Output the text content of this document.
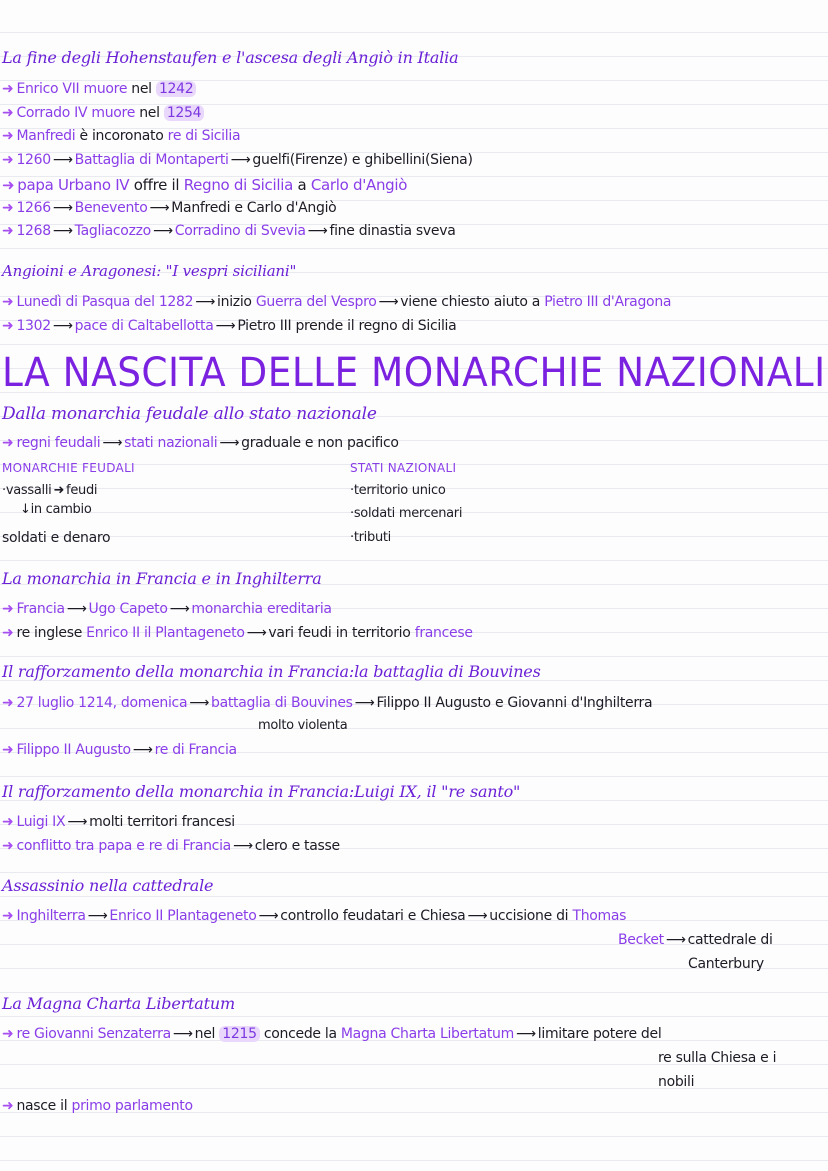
La fine degli Hohenstaufen e l'ascesa degli Angiò in Italia
➜ Enrico VII muore nel 1242
➜ Corrado IV muore nel 1254
➜ Manfredi è incoronato re di Sicilia
➜ 1260 ⟶ Battaglia di Montaperti ⟶ guelfi(Firenze) e ghibellini(Siena)
➜ papa Urbano IV offre il Regno di Sicilia a Carlo d'Angiò
➜ 1266 ⟶ Benevento ⟶ Manfredi e Carlo d'Angiò
➜ 1268 ⟶ Tagliacozzo ⟶ Corradino di Svevia ⟶ fine dinastia sveva
Angioini e Aragonesi: "I vespri siciliani"
➜ Lunedì di Pasqua del 1282 ⟶ inizio Guerra del Vespro ⟶ viene chiesto aiuto a Pietro III d'Aragona
➜ 1302 ⟶ pace di Caltabellotta ⟶ Pietro III prende il regno di Sicilia
LA NASCITA DELLE MONARCHIE NAZIONALI
Dalla monarchia feudale allo stato nazionale
➜ regni feudali ⟶ stati nazionali ⟶ graduale e non pacifico
MONARCHIE FEUDALI	STATI NAZIONALI
·vassalli ➜ feudi
↓in cambio
soldati e denaro
·territorio unico
·soldati mercenari
·tributi
La monarchia in Francia e in Inghilterra
➜ Francia ⟶ Ugo Capeto ⟶ monarchia ereditaria
➜ re inglese Enrico II il Plantageneto ⟶ vari feudi in territorio francese
Il rafforzamento della monarchia in Francia:la battaglia di Bouvines
➜ 27 luglio 1214, domenica ⟶ battaglia di Bouvines ⟶ Filippo II Augusto e Giovanni d'Inghilterra
molto violenta
➜ Filippo II Augusto ⟶ re di Francia
Il rafforzamento della monarchia in Francia:Luigi IX, il "re santo"
➜ Luigi IX ⟶ molti territori francesi
➜ conflitto tra papa e re di Francia ⟶ clero e tasse
Assassinio nella cattedrale
➜ Inghilterra ⟶ Enrico II Plantageneto ⟶ controllo feudatari e Chiesa ⟶ uccisione di Thomas
Becket ⟶ cattedrale di
Canterbury
La Magna Charta Libertatum
➜ re Giovanni Senzaterra ⟶ nel 1215 concede la Magna Charta Libertatum ⟶ limitare potere del
re sulla Chiesa e i
nobili
➜ nasce il primo parlamento
